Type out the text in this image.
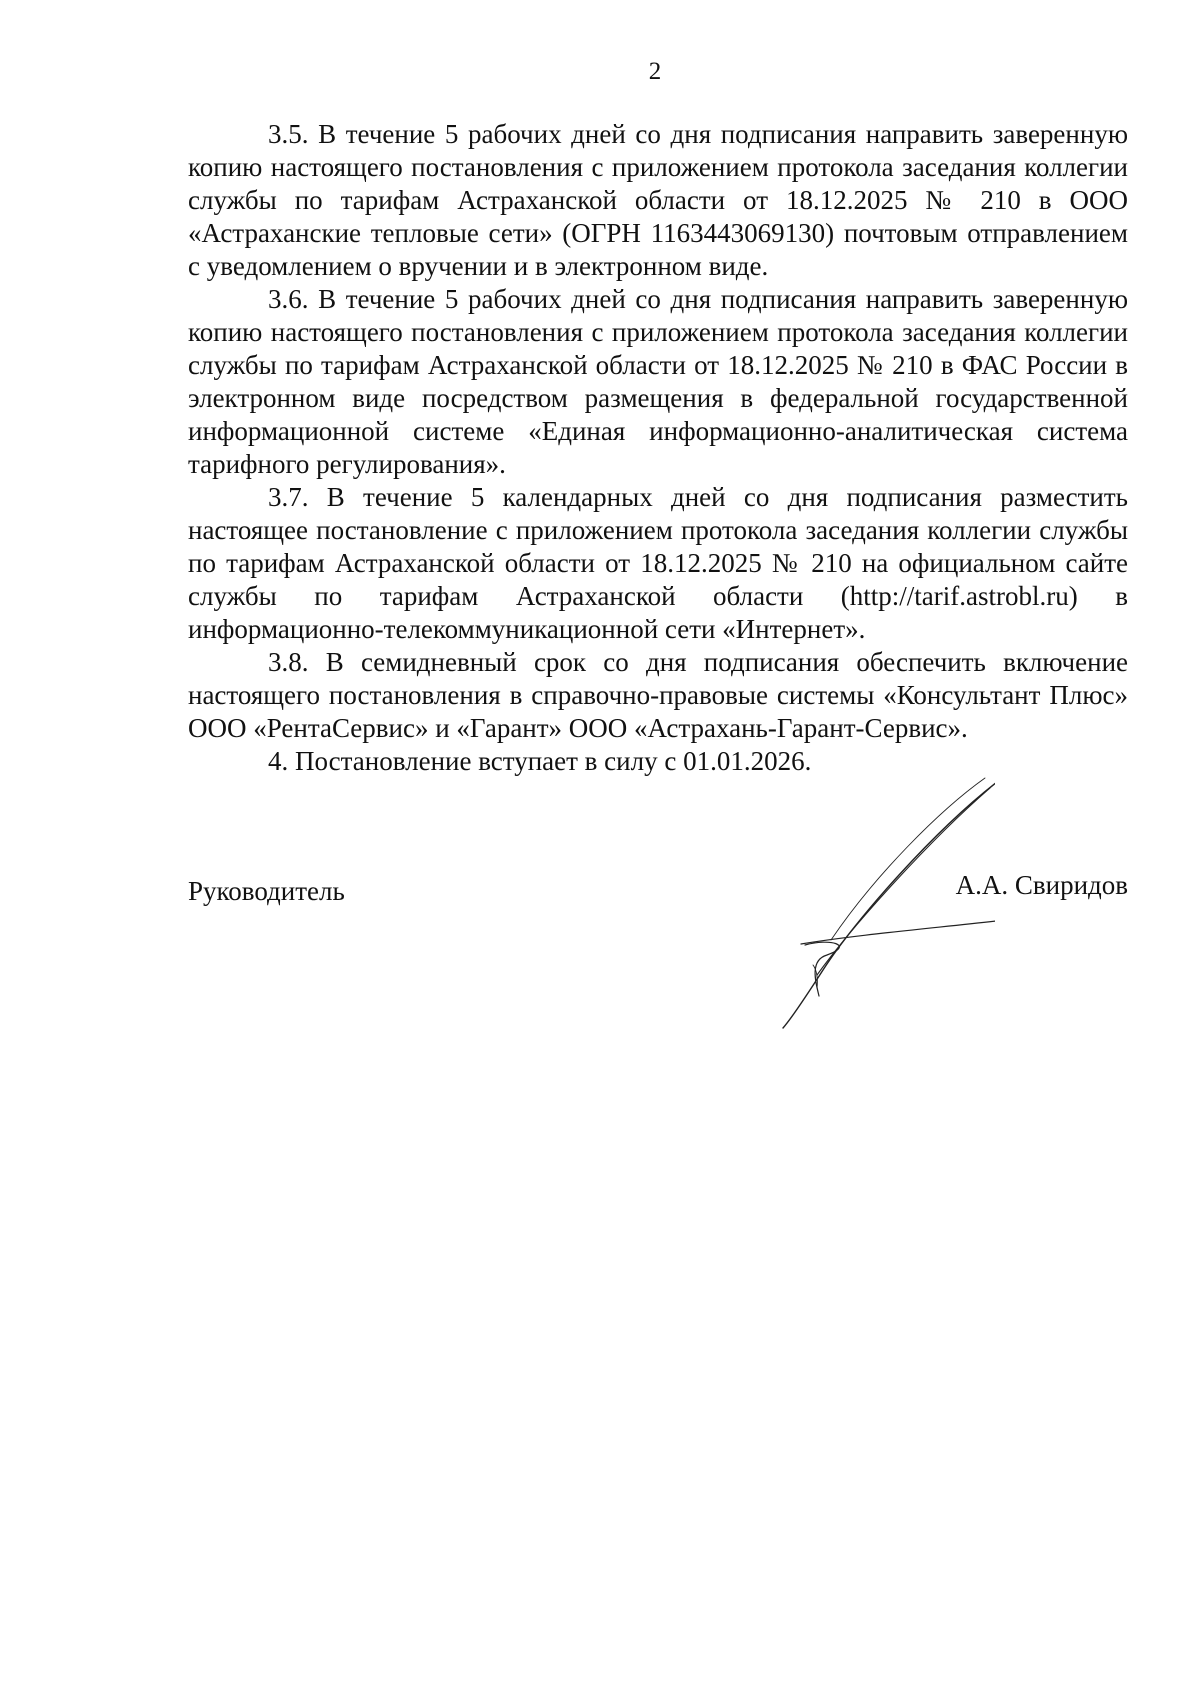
2

3.5. В течение 5 рабочих дней со дня подписания направить заверенную копию настоящего постановления с приложением протокола заседания коллегии службы по тарифам Астраханской области от 18.12.2025 № 210 в ООО «Астраханские тепловые сети» (ОГРН 1163443069130) почтовым отправлением с уведомлением о вручении и в электронном виде.

3.6. В течение 5 рабочих дней со дня подписания направить заверенную копию настоящего постановления с приложением протокола заседания коллегии службы по тарифам Астраханской области от 18.12.2025 № 210 в ФАС России в электронном виде посредством размещения в федеральной государственной информационной системе «Единая информационно-аналитическая система тарифного регулирования».

3.7. В течение 5 календарных дней со дня подписания разместить настоящее постановление с приложением протокола заседания коллегии службы по тарифам Астраханской области от 18.12.2025 № 210 на официальном сайте службы по тарифам Астраханской области (http://tarif.astrobl.ru) в информационно-телекоммуникационной сети «Интернет».

3.8. В семидневный срок со дня подписания обеспечить включение настоящего постановления в справочно-правовые системы «Консультант Плюс» ООО «РентаСервис» и «Гарант» ООО «Астрахань-Гарант-Сервис».

4. Постановление вступает в силу с 01.01.2026.

Руководитель	А.А. Свиридов
